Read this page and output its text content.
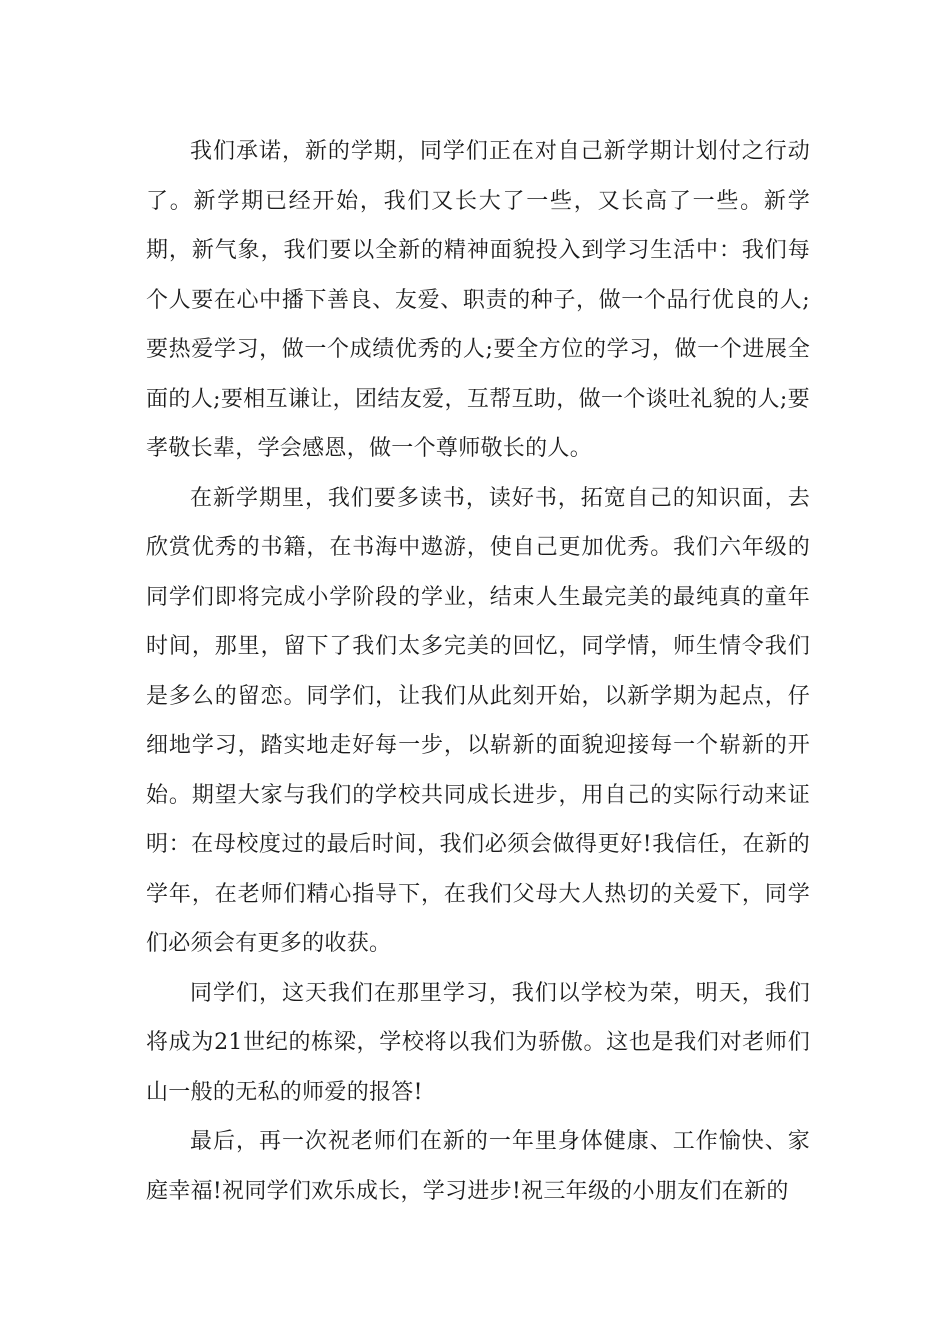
我们承诺，新的学期，同学们正在对自己新学期计划付之行动了。新学期已经开始，我们又长大了一些，又长高了一些。新学期，新气象，我们要以全新的精神面貌投入到学习生活中：我们每个人要在心中播下善良、友爱、职责的种子，做一个品行优良的人;要热爱学习，做一个成绩优秀的人;要全方位的学习，做一个进展全面的人;要相互谦让，团结友爱，互帮互助，做一个谈吐礼貌的人;要孝敬长辈，学会感恩，做一个尊师敬长的人。

在新学期里，我们要多读书，读好书，拓宽自己的知识面，去欣赏优秀的书籍，在书海中遨游，使自己更加优秀。我们六年级的同学们即将完成小学阶段的学业，结束人生最完美的最纯真的童年时间，那里，留下了我们太多完美的回忆，同学情，师生情令我们是多么的留恋。同学们，让我们从此刻开始，以新学期为起点，仔细地学习，踏实地走好每一步，以崭新的面貌迎接每一个崭新的开始。期望大家与我们的学校共同成长进步，用自己的实际行动来证明：在母校度过的最后时间，我们必须会做得更好!我信任，在新的学年，在老师们精心指导下，在我们父母大人热切的关爱下，同学们必须会有更多的收获。

同学们，这天我们在那里学习，我们以学校为荣，明天，我们将成为21世纪的栋梁，学校将以我们为骄傲。这也是我们对老师们山一般的无私的师爱的报答!

最后，再一次祝老师们在新的一年里身体健康、工作愉快、家庭幸福!祝同学们欢乐成长，学习进步!祝三年级的小朋友们在新的
